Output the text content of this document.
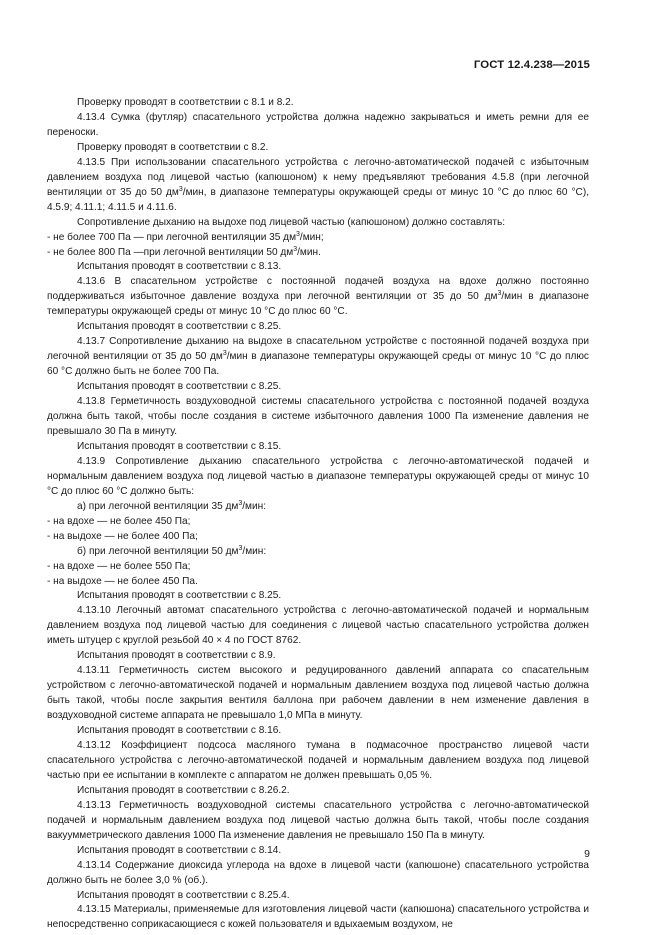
ГОСТ 12.4.238—2015

Проверку проводят в соответствии с 8.1 и 8.2.

4.13.4 Сумка (футляр) спасательного устройства должна надежно закрываться и иметь ремни для ее переноски.

Проверку проводят в соответствии с 8.2.

4.13.5 При использовании спасательного устройства с легочно-автоматической подачей с избыточным давлением воздуха под лицевой частью (капюшоном) к нему предъявляют требования 4.5.8 (при легочной вентиляции от 35 до 50 $дм^3$/мин, в диапазоне температуры окружающей среды от минус 10 °С до плюс 60 °С), 4.5.9; 4.11.1; 4.11.5 и 4.11.6.

Сопротивление дыханию на выдохе под лицевой частью (капюшоном) должно составлять:

- не более 700 Па — при легочной вентиляции 35 $дм^3$/мин;

- не более 800 Па —при легочной вентиляции 50 $дм^3$/мин.

Испытания проводят в соответствии с 8.13.

4.13.6 В спасательном устройстве с постоянной подачей воздуха на вдохе должно постоянно поддерживаться избыточное давление воздуха при легочной вентиляции от 35 до 50 $дм^3$/мин в диапазоне температуры окружающей среды от минус 10 °С до плюс 60 °С.

Испытания проводят в соответствии с 8.25.

4.13.7 Сопротивление дыханию на выдохе в спасательном устройстве с постоянной подачей воздуха при легочной вентиляции от 35 до 50 $дм^3$/мин в диапазоне температуры окружающей среды от минус 10 °С до плюс 60 °С должно быть не более 700 Па.

Испытания проводят в соответствии с 8.25.

4.13.8 Герметичность воздуховодной системы спасательного устройства с постоянной подачей воздуха должна быть такой, чтобы после создания в системе избыточного давления 1000 Па изменение давления не превышало 30 Па в минуту.

Испытания проводят в соответствии с 8.15.

4.13.9 Сопротивление дыханию спасательного устройства с легочно-автоматической подачей и нормальным давлением воздуха под лицевой частью в диапазоне температуры окружающей среды от минус 10 °С до плюс 60 °С должно быть:

а) при легочной вентиляции 35 $дм^3$/мин:

- на вдохе — не более 450 Па;

- на выдохе — не более 400 Па;

б) при легочной вентиляции 50 $дм^3$/мин:

- на вдохе — не более 550 Па;

- на выдохе — не более 450 Па.

Испытания проводят в соответствии с 8.25.

4.13.10 Легочный автомат спасательного устройства с легочно-автоматической подачей и нормальным давлением воздуха под лицевой частью для соединения с лицевой частью спасательного устройства должен иметь штуцер с круглой резьбой 40 × 4 по ГОСТ 8762.

Испытания проводят в соответствии с 8.9.

4.13.11 Герметичность систем высокого и редуцированного давлений аппарата со спасательным устройством с легочно-автоматической подачей и нормальным давлением воздуха под лицевой частью должна быть такой, чтобы после закрытия вентиля баллона при рабочем давлении в нем изменение давления в воздуховодной системе аппарата не превышало 1,0 МПа в минуту.

Испытания проводят в соответствии с 8.16.

4.13.12 Коэффициент подсоса масляного тумана в подмасочное пространство лицевой части спасательного устройства с легочно-автоматической подачей и нормальным давлением воздуха под лицевой частью при ее испытании в комплекте с аппаратом не должен превышать 0,05 %.

Испытания проводят в соответствии с 8.26.2.

4.13.13 Герметичность воздуховодной системы спасательного устройства с легочно-автоматической подачей и нормальным давлением воздуха под лицевой частью должна быть такой, чтобы после создания вакуумметрического давления 1000 Па изменение давления не превышало 150 Па в минуту.

Испытания проводят в соответствии с 8.14.

4.13.14 Содержание диоксида углерода на вдохе в лицевой части (капюшоне) спасательного устройства должно быть не более 3,0 % (об.).

Испытания проводят в соответствии с 8.25.4.

4.13.15 Материалы, применяемые для изготовления лицевой части (капюшона) спасательного устройства и непосредственно соприкасающиеся с кожей пользователя и вдыхаемым воздухом, не

9
